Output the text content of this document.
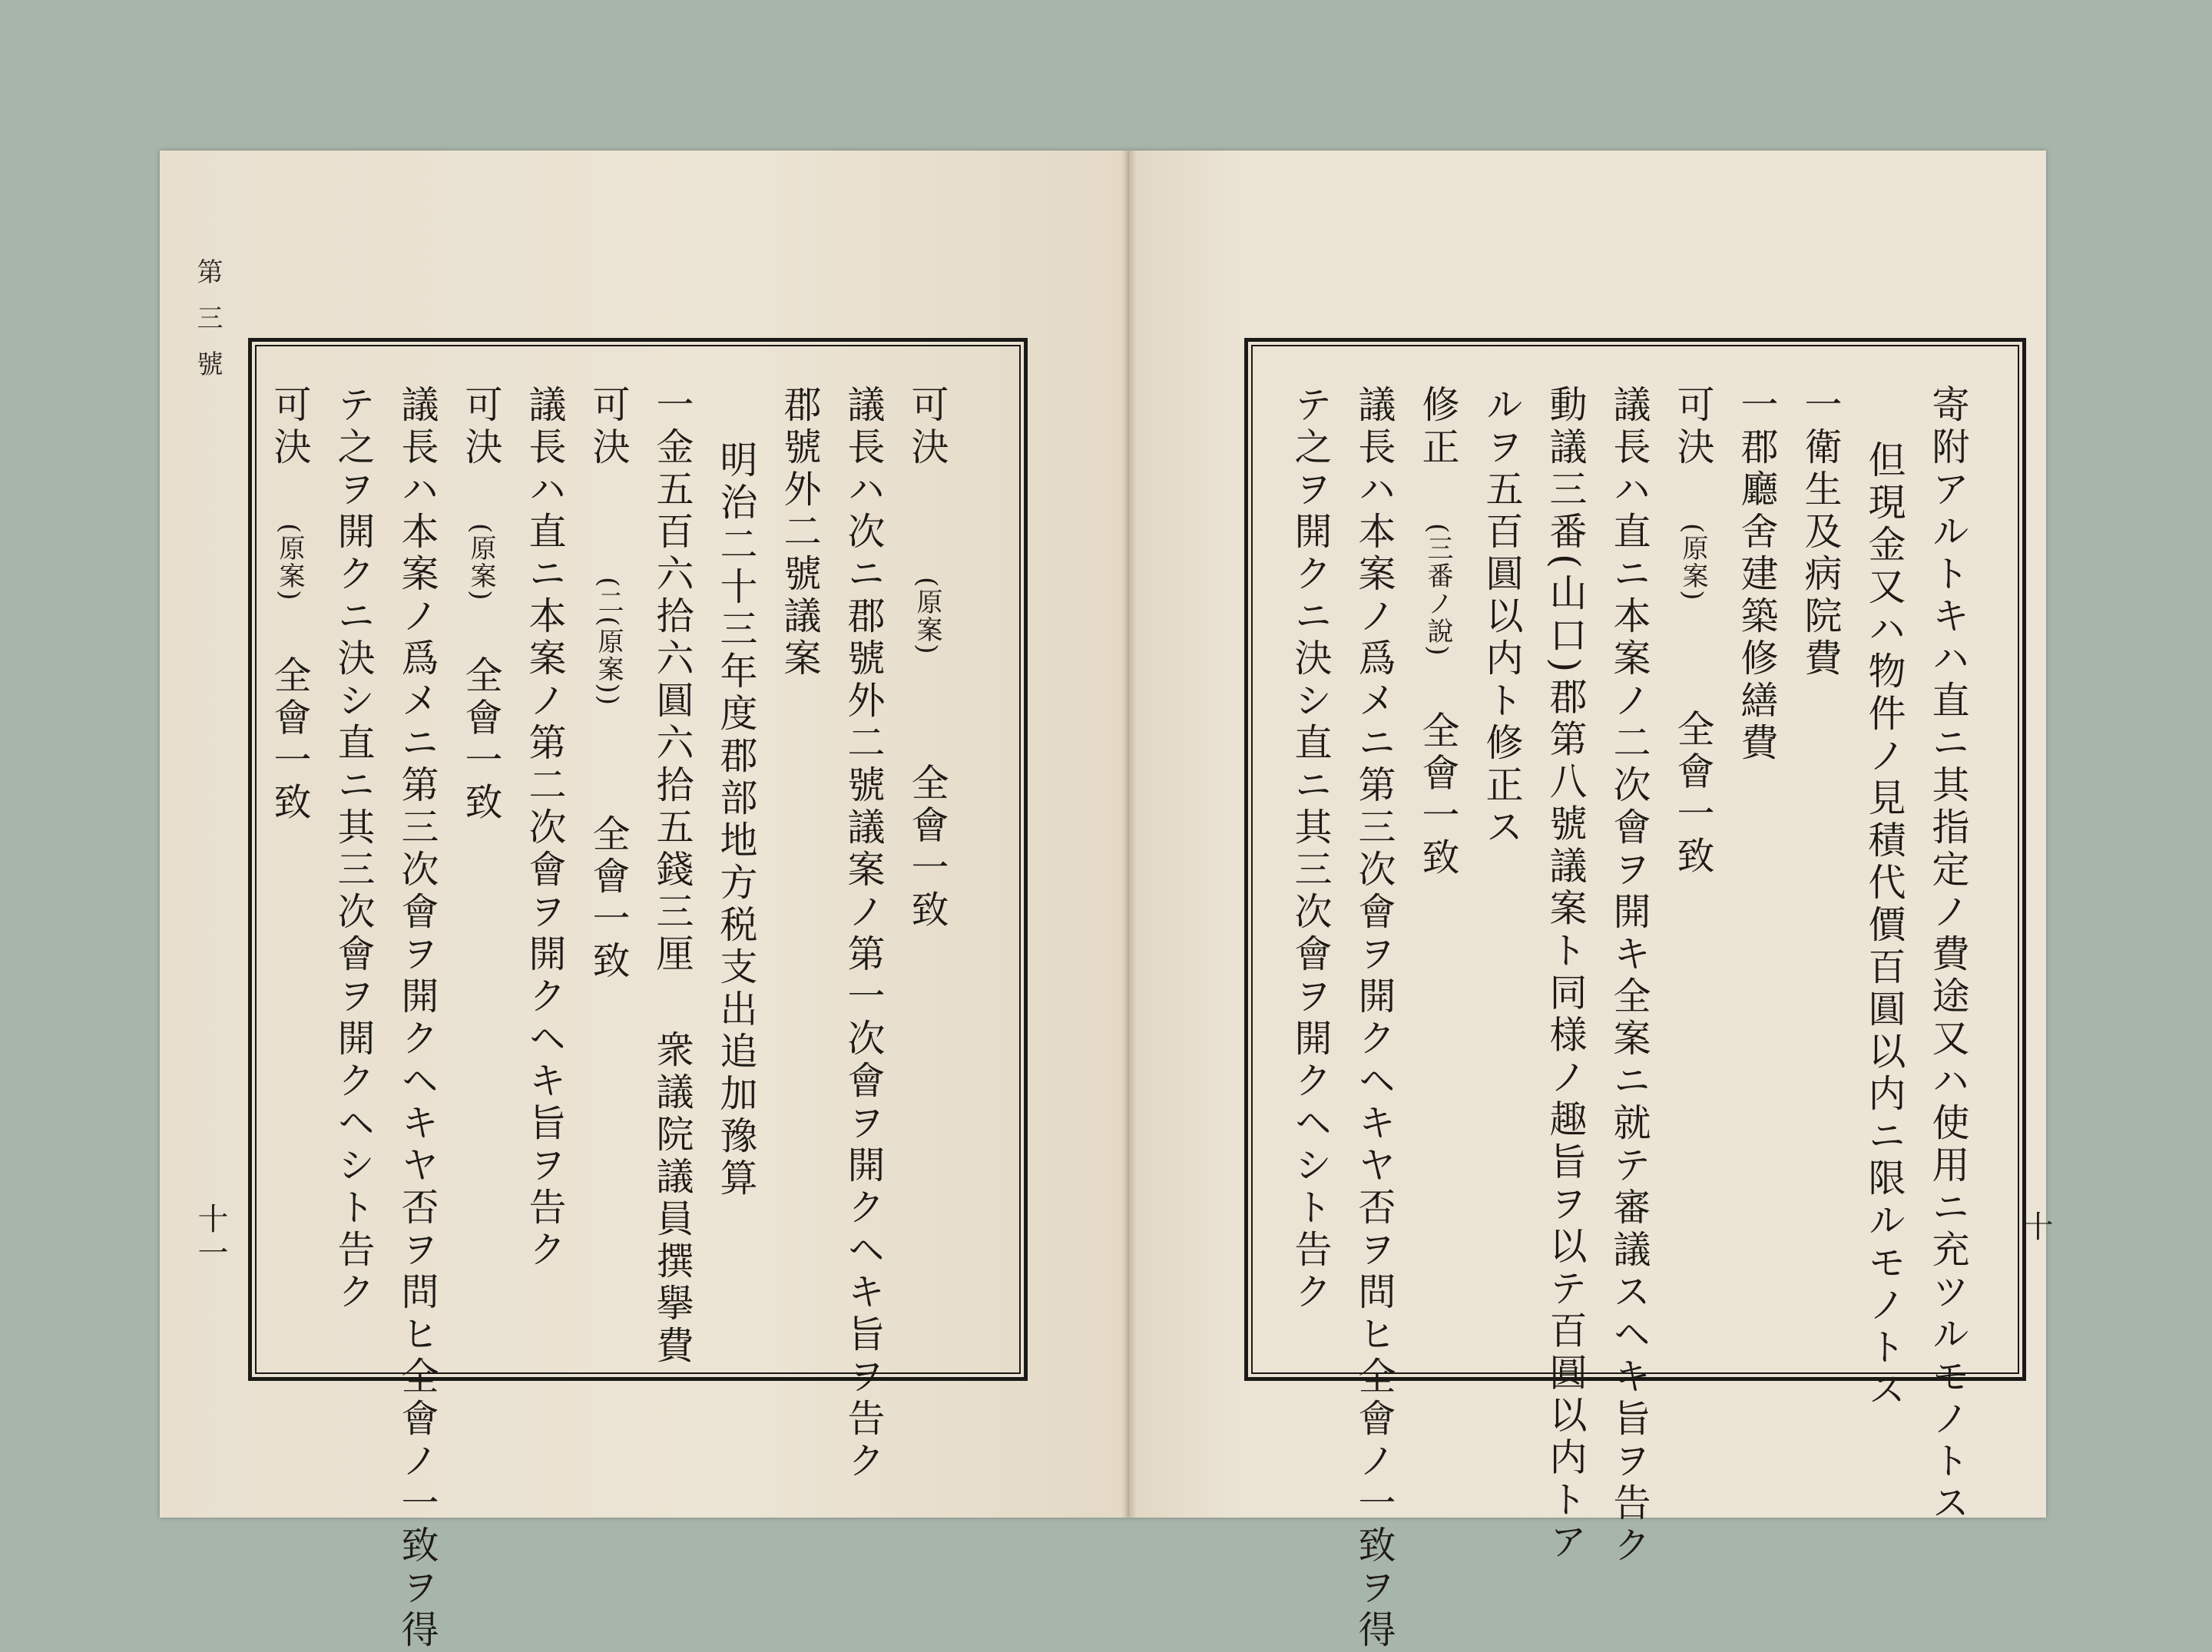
第三號
十一	十
可決(原案)全會一致
議長ハ次ニ郡號外二號議案ノ第一次會ヲ開クヘキ旨ヲ告ク
郡號外二號議案
明治二十三年度郡部地方税支出追加豫算
一金五百六拾六圓六拾五錢三厘衆議院議員撰擧費
可決(二(原案))全會一致
議長ハ直ニ本案ノ第二次會ヲ開クヘキ旨ヲ告ク
可決(原案)全會一致
議長ハ本案ノ爲メニ第三次會ヲ開クヘキヤ否ヲ問ヒ全會ノ一致ヲ得
テ之ヲ開クニ決シ直ニ其三次會ヲ開クヘシト告ク
可決(原案)全會一致	寄附アルトキハ直ニ其指定ノ費途又ハ使用ニ充ツルモノトス
但現金又ハ物件ノ見積代價百圓以内ニ限ルモノトス
一衛生及病院費
一郡廳舍建築修繕費
可決(原案)全會一致
議長ハ直ニ本案ノ二次會ヲ開キ全案ニ就テ審議スヘキ旨ヲ告ク
動議三番(山口)郡第八號議案ト同様ノ趣旨ヲ以テ百圓以内トア
ルヲ五百圓以内ト修正ス
修正(三番ノ說)全會一致
議長ハ本案ノ爲メニ第三次會ヲ開クヘキヤ否ヲ問ヒ全會ノ一致ヲ得
テ之ヲ開クニ決シ直ニ其三次會ヲ開クヘシト告ク
